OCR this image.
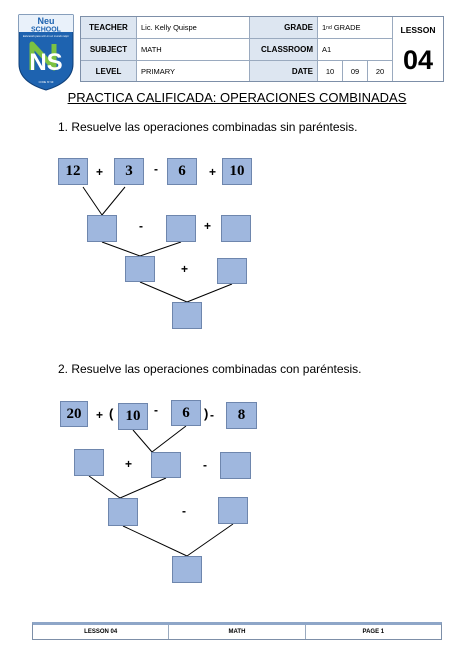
Neu
SCHOOL
Educando para vivir en un mundo mejor
NS
CODE Nº 99
TEACHER	Lic. Kelly Quispe	GRADE	1 nd GRADE
SUBJECT	MATH	CLASSROOM	A1
LEVEL	PRIMARY	DATE	10	09	20
LESSON
04
PRACTICA CALIFICADA: OPERACIONES COMBINADAS
1. Resuelve las operaciones combinadas sin paréntesis.
12	+	3	-	6	+ 10
-	+
+
2. Resuelve las operaciones combinadas con paréntesis.
20	+ ( 10	-	6	) -	8
+	-
-
LESSON 04	MATH	PAGE 1
